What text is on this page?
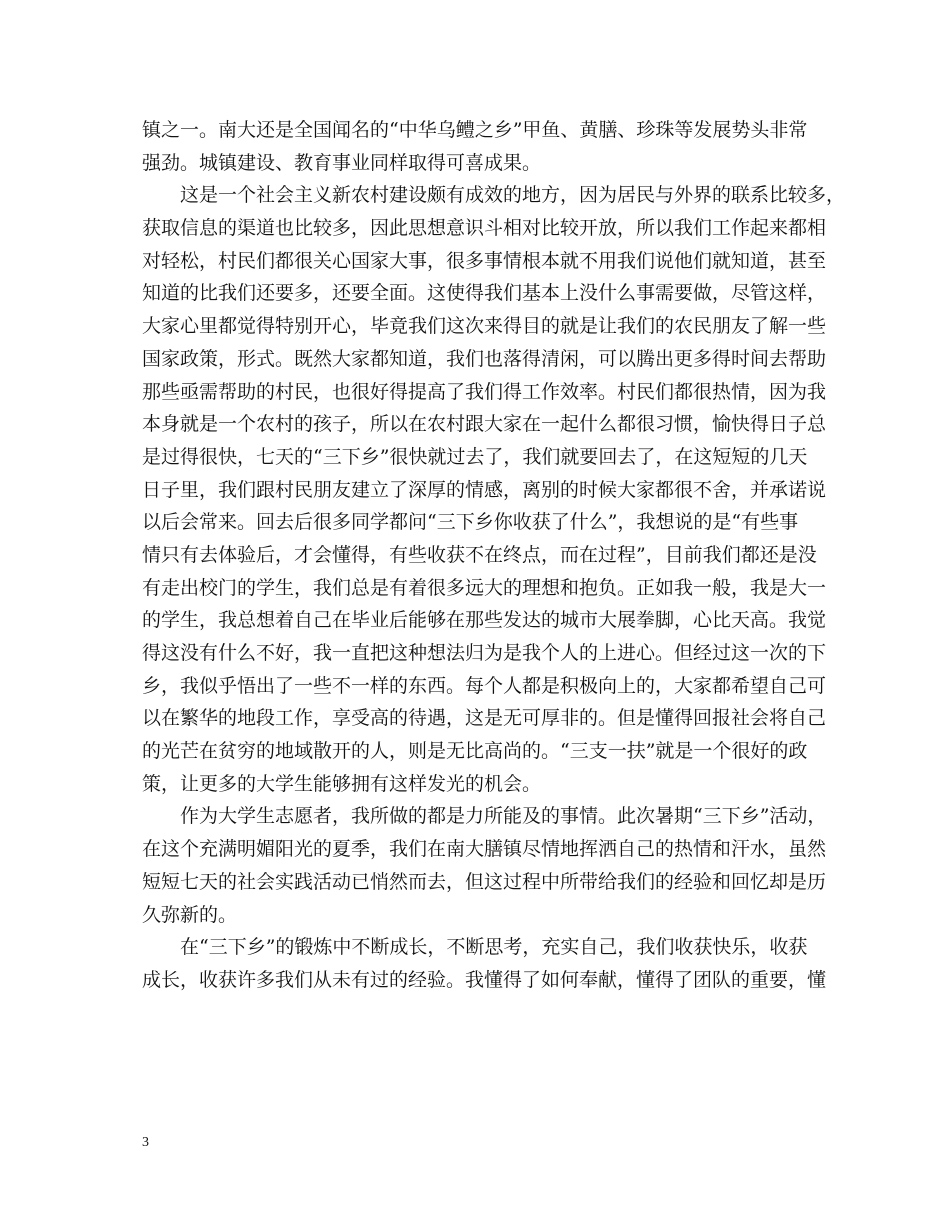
镇之一。南大还是全国闻名的“中华乌鳢之乡”甲鱼、黄膳、珍珠等发展势头非常
强劲。城镇建设、教育事业同样取得可喜成果。
　　这是一个社会主义新农村建设颇有成效的地方，因为居民与外界的联系比较多，
获取信息的渠道也比较多，因此思想意识斗相对比较开放，所以我们工作起来都相
对轻松，村民们都很关心国家大事，很多事情根本就不用我们说他们就知道，甚至
知道的比我们还要多，还要全面。这使得我们基本上没什么事需要做，尽管这样，
大家心里都觉得特别开心，毕竟我们这次来得目的就是让我们的农民朋友了解一些
国家政策，形式。既然大家都知道，我们也落得清闲，可以腾出更多得时间去帮助
那些亟需帮助的村民，也很好得提高了我们得工作效率。村民们都很热情，因为我
本身就是一个农村的孩子，所以在农村跟大家在一起什么都很习惯，愉快得日子总
是过得很快，七天的“三下乡”很快就过去了，我们就要回去了，在这短短的几天
日子里，我们跟村民朋友建立了深厚的情感，离别的时候大家都很不舍，并承诺说
以后会常来。回去后很多同学都问“三下乡你收获了什么”，我想说的是“有些事
情只有去体验后，才会懂得，有些收获不在终点，而在过程”，目前我们都还是没
有走出校门的学生，我们总是有着很多远大的理想和抱负。正如我一般，我是大一
的学生，我总想着自己在毕业后能够在那些发达的城市大展拳脚，心比天高。我觉
得这没有什么不好，我一直把这种想法归为是我个人的上进心。但经过这一次的下
乡，我似乎悟出了一些不一样的东西。每个人都是积极向上的，大家都希望自己可
以在繁华的地段工作，享受高的待遇，这是无可厚非的。但是懂得回报社会将自己
的光芒在贫穷的地域散开的人，则是无比高尚的。“三支一扶”就是一个很好的政
策，让更多的大学生能够拥有这样发光的机会。
　　作为大学生志愿者，我所做的都是力所能及的事情。此次暑期“三下乡”活动，
在这个充满明媚阳光的夏季，我们在南大膳镇尽情地挥洒自己的热情和汗水，虽然
短短七天的社会实践活动已悄然而去，但这过程中所带给我们的经验和回忆却是历
久弥新的。
　　在“三下乡”的锻炼中不断成长，不断思考，充实自己，我们收获快乐，收获
成长，收获许多我们从未有过的经验。我懂得了如何奉献，懂得了团队的重要，懂
3
